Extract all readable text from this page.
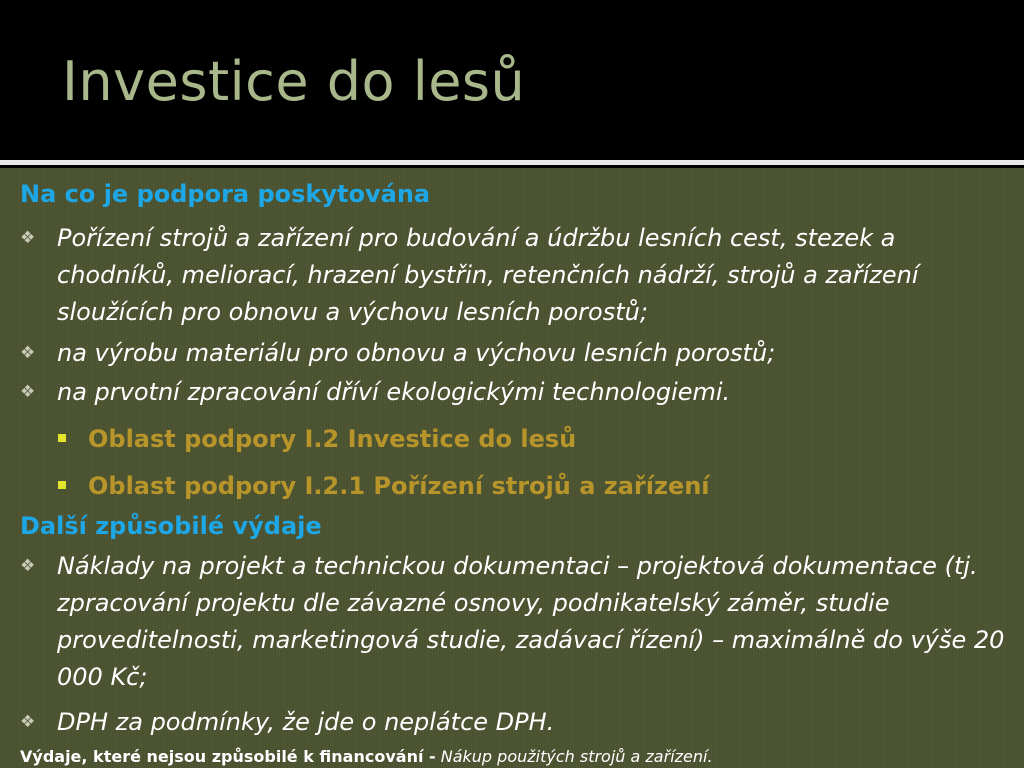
Investice do lesů
Na co je podpora poskytována
❖ Pořízení strojů a zařízení pro budování a údržbu lesních cest, stezek a chodníků, meliorací, hrazení bystřin, retenčních nádrží, strojů a zařízení sloužících pro obnovu a výchovu lesních porostů;
❖ na výrobu materiálu pro obnovu a výchovu lesních porostů;
❖ na prvotní zpracování dříví ekologickými technologiemi.
Oblast podpory I.2 Investice do lesů
Oblast podpory I.2.1 Pořízení strojů a zařízení
Další způsobilé výdaje
❖ Náklady na projekt a technickou dokumentaci – projektová dokumentace (tj. zpracování projektu dle závazné osnovy, podnikatelský záměr, studie proveditelnosti, marketingová studie, zadávací řízení) – maximálně do výše 20 000 Kč;
❖ DPH za podmínky, že jde o neplátce DPH.
Výdaje, které nejsou způsobilé k financování - Nákup použitých strojů a zařízení.
